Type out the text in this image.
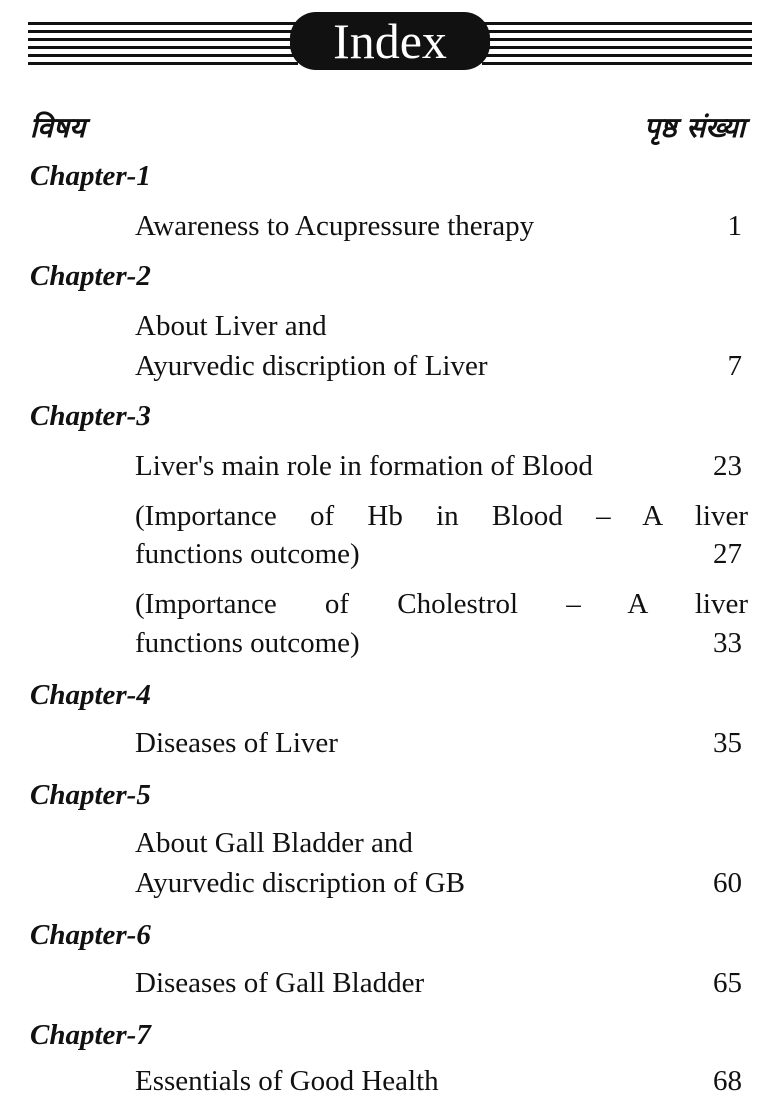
Index
विषय	पृष्ठ संख्या
Chapter-1
Awareness to Acupressure therapy	1
Chapter-2
About Liver and
Ayurvedic discription of Liver	7
Chapter-3
Liver's main role in formation of Blood	23
(Importance of Hb in Blood – A liver
functions outcome)	27
(Importance of Cholestrol – A liver
functions outcome)	33
Chapter-4
Diseases of Liver	35
Chapter-5
About Gall Bladder and
Ayurvedic discription of GB	60
Chapter-6
Diseases of Gall Bladder	65
Chapter-7
Essentials of Good Health	68
